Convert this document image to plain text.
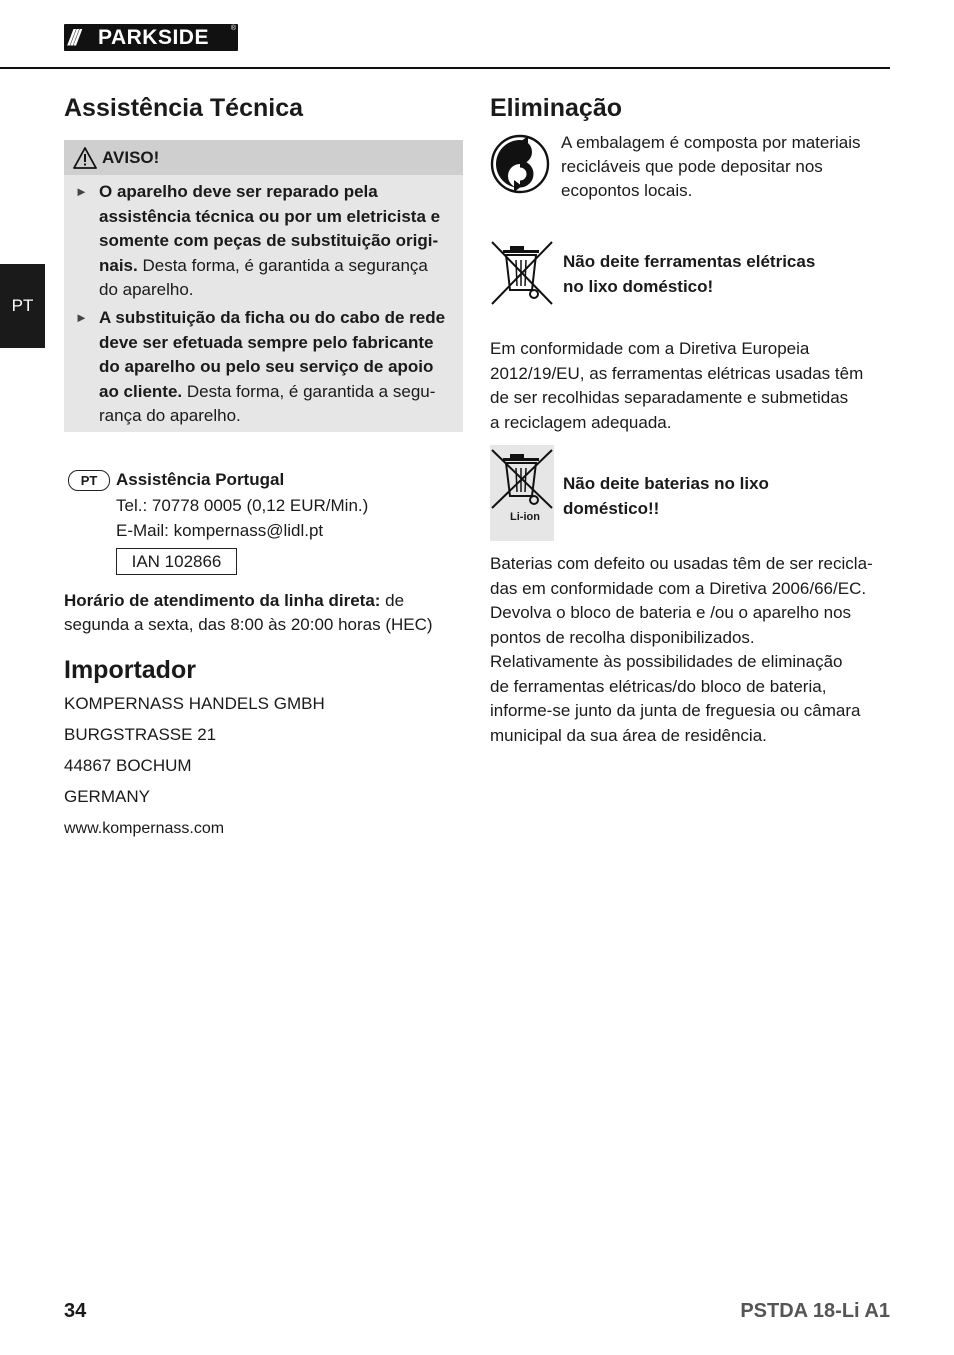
/// PARKSIDE	®
PT
Assistência Técnica
AVISO!
► O aparelho deve ser reparado pela
assistência técnica ou por um eletricista e
somente com peças de substituição origi-
nais. Desta forma, é garantida a segurança
do aparelho.
► A substituição da ficha ou do cabo de rede
deve ser efetuada sempre pelo fabricante
do aparelho ou pelo seu serviço de apoio
ao cliente. Desta forma, é garantida a segu-
rança do aparelho.
PT	Assistência Portugal
Tel.: 70778 0005 (0,12 EUR/Min.)
E-Mail: kompernass@lidl.pt
IAN 102866
Horário de atendimento da linha direta: de
segunda a sexta, das 8:00 às 20:00 horas (HEC)
Importador
KOMPERNASS HANDELS GMBH
BURGSTRASSE 21
44867 BOCHUM
GERMANY
www.kompernass.com
Eliminação
A embalagem é composta por materiais
recicláveis que pode depositar nos
ecopontos locais.
Não deite ferramentas elétricas
no lixo doméstico!
Em conformidade com a Diretiva Europeia
2012/19/EU, as ferramentas elétricas usadas têm
de ser recolhidas separadamente e submetidas
a reciclagem adequada.
Li-ion
Não deite baterias no lixo
doméstico!!
Baterias com defeito ou usadas têm de ser recicla-
das em conformidade com a Diretiva 2006/66/EC.
Devolva o bloco de bateria e /ou o aparelho nos
pontos de recolha disponibilizados.
Relativamente às possibilidades de eliminação
de ferramentas elétricas/do bloco de bateria,
informe-se junto da junta de freguesia ou câmara
municipal da sua área de residência.
34	PSTDA 18-Li A1
